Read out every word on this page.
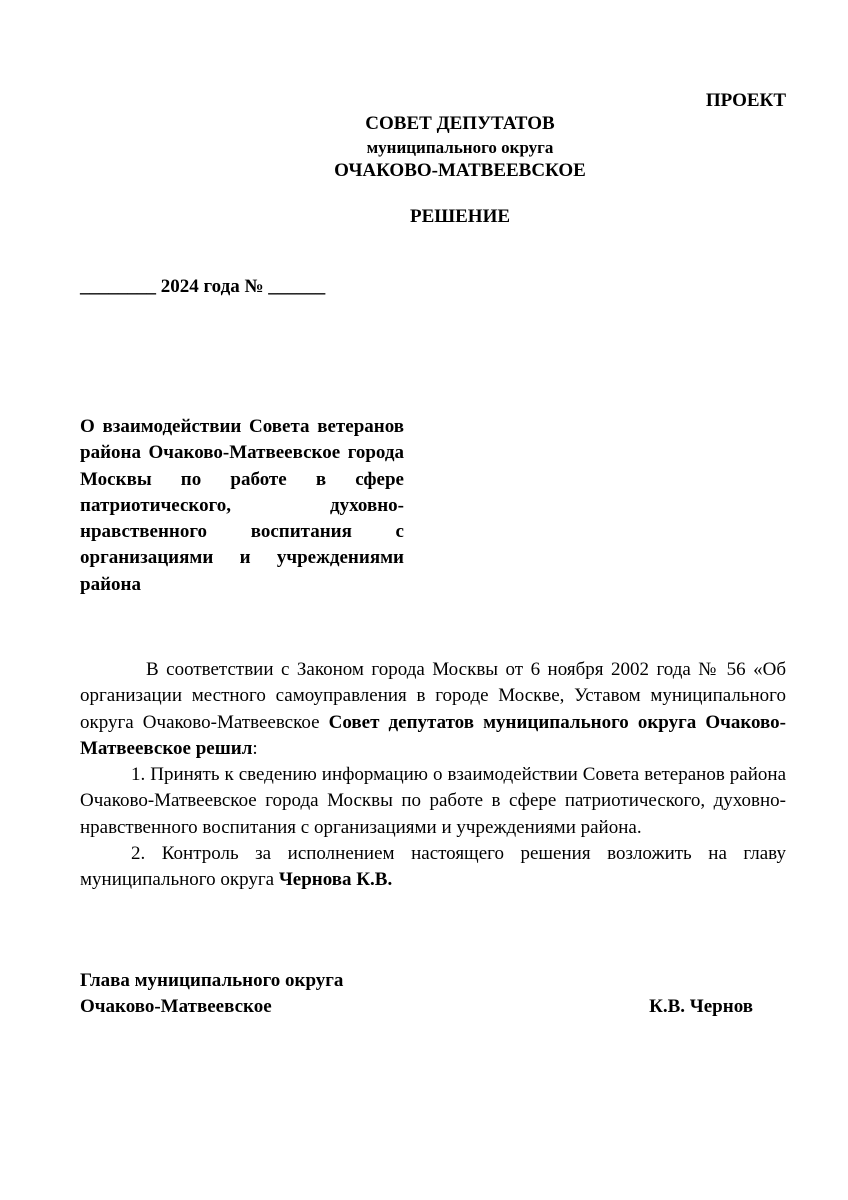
ПРОЕКТ
СОВЕТ ДЕПУТАТОВ
муниципального округа
ОЧАКОВО-МАТВЕЕВСКОЕ
РЕШЕНИЕ
________ 2024 года № ______
О взаимодействии Совета ветеранов района Очаково-Матвеевское города Москвы по работе в сфере патриотического, духовно-нравственного воспитания с организациями и учреждениями района

В соответствии с Законом города Москвы от 6 ноября 2002 года № 56 «Об организации местного самоуправления в городе Москве, Уставом муниципального округа Очаково-Матвеевское Совет депутатов муниципального округа Очаково-Матвеевское решил:

1. Принять к сведению информацию о взаимодействии Совета ветеранов района Очаково-Матвеевское города Москвы по работе в сфере патриотического, духовно-нравственного воспитания с организациями и учреждениями района.

2. Контроль за исполнением настоящего решения возложить на главу муниципального округа Чернова К.В.

Глава муниципального округа
Очаково-Матвеевское	К.В. Чернов
